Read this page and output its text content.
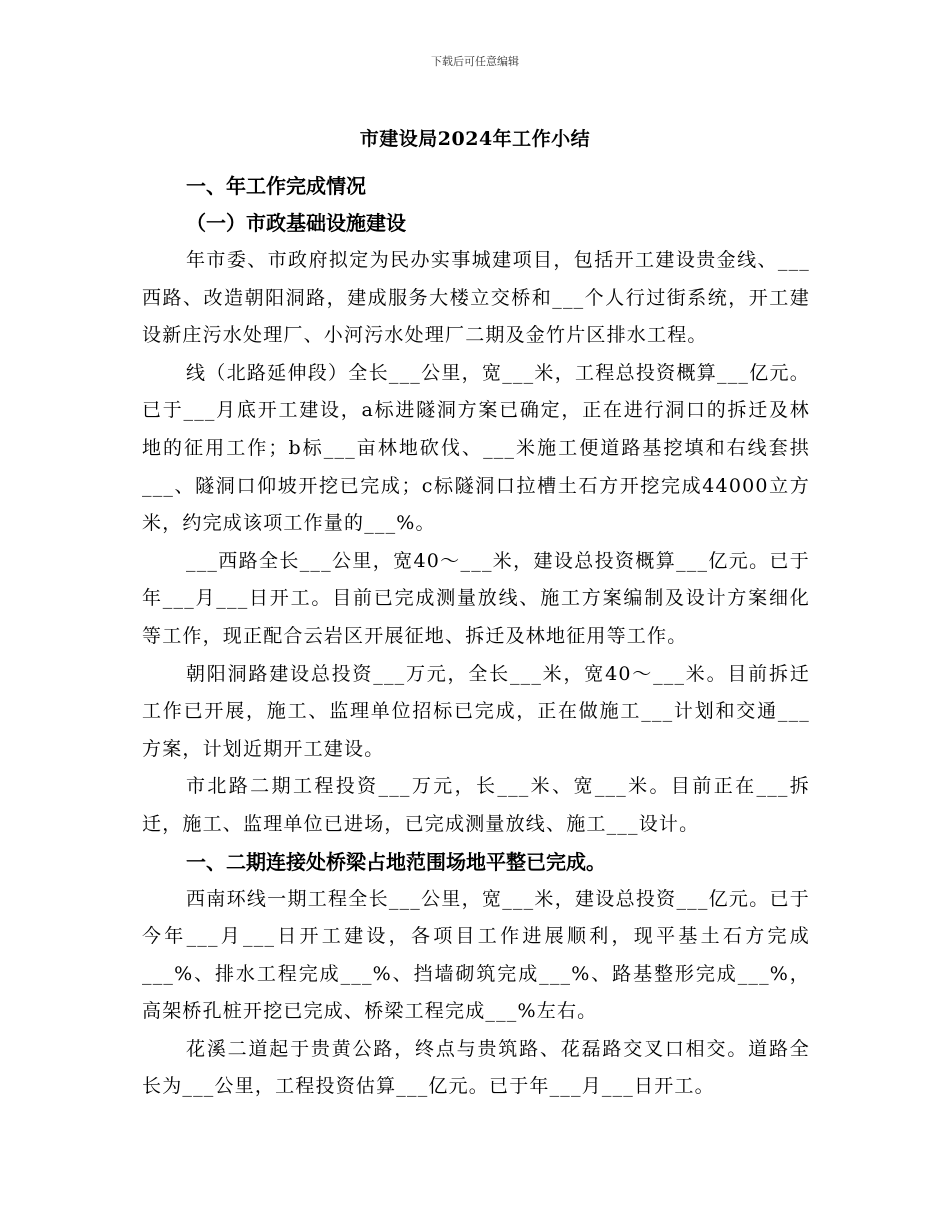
下载后可任意编辑
市建设局2024年工作小结

一、年工作完成情况

（一）市政基础设施建设

年市委、市政府拟定为民办实事城建项目，包括开工建设贵金线、___西路、改造朝阳洞路，建成服务大楼立交桥和___个人行过街系统，开工建设新庄污水处理厂、小河污水处理厂二期及金竹片区排水工程。

线（北路延伸段）全长___公里，宽___米，工程总投资概算___亿元。已于___月底开工建设，a标进隧洞方案已确定，正在进行洞口的拆迁及林地的征用工作；b标___亩林地砍伐、___米施工便道路基挖填和右线套拱___、隧洞口仰坡开挖已完成；c标隧洞口拉槽土石方开挖完成44000立方米，约完成该项工作量的___%。

___西路全长___公里，宽40～___米，建设总投资概算___亿元。已于年___月___日开工。目前已完成测量放线、施工方案编制及设计方案细化等工作，现正配合云岩区开展征地、拆迁及林地征用等工作。

朝阳洞路建设总投资___万元，全长___米，宽40～___米。目前拆迁工作已开展，施工、监理单位招标已完成，正在做施工___计划和交通___方案，计划近期开工建设。

市北路二期工程投资___万元，长___米、宽___米。目前正在___拆迁，施工、监理单位已进场，已完成测量放线、施工___设计。

一、二期连接处桥梁占地范围场地平整已完成。

西南环线一期工程全长___公里，宽___米，建设总投资___亿元。已于今年___月___日开工建设，各项目工作进展顺利，现平基土石方完成___%、排水工程完成___%、挡墙砌筑完成___%、路基整形完成___%，高架桥孔桩开挖已完成、桥梁工程完成___%左右。

花溪二道起于贵黄公路，终点与贵筑路、花磊路交叉口相交。道路全长为___公里，工程投资估算___亿元。已于年___月___日开工。
